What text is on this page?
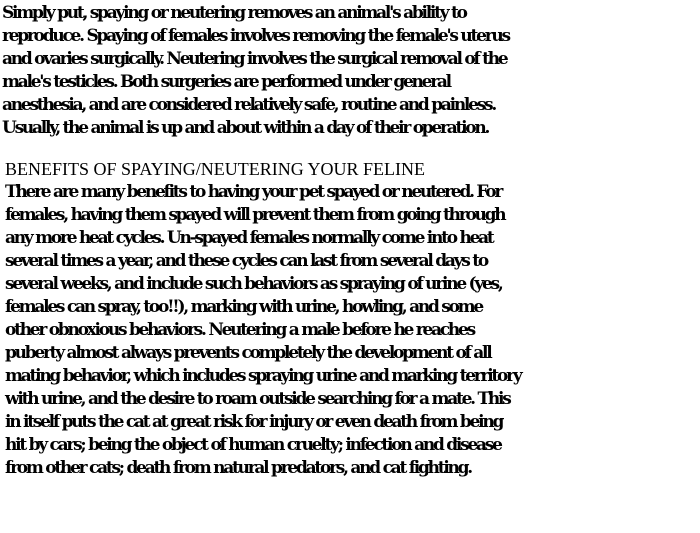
Simply put, spaying or neutering removes an animal's ability to
reproduce. Spaying of females involves removing the female's uterus
and ovaries surgically. Neutering involves the surgical removal of the
male's testicles. Both surgeries are performed under general
anesthesia, and are considered relatively safe, routine and painless.
Usually, the animal is up and about within a day of their operation.
BENEFITS OF SPAYING/NEUTERING YOUR FELINE
There are many benefits to having your pet spayed or neutered. For
females, having them spayed will prevent them from going through
any more heat cycles. Un-spayed females normally come into heat
several times a year, and these cycles can last from several days to
several weeks, and include such behaviors as spraying of urine (yes,
females can spray, too!!), marking with urine, howling, and some
other obnoxious behaviors. Neutering a male before he reaches
puberty almost always prevents completely the development of all
mating behavior, which includes spraying urine and marking territory
with urine, and the desire to roam outside searching for a mate. This
in itself puts the cat at great risk for injury or even death from being
hit by cars; being the object of human cruelty; infection and disease
from other cats; death from natural predators, and cat fighting.
